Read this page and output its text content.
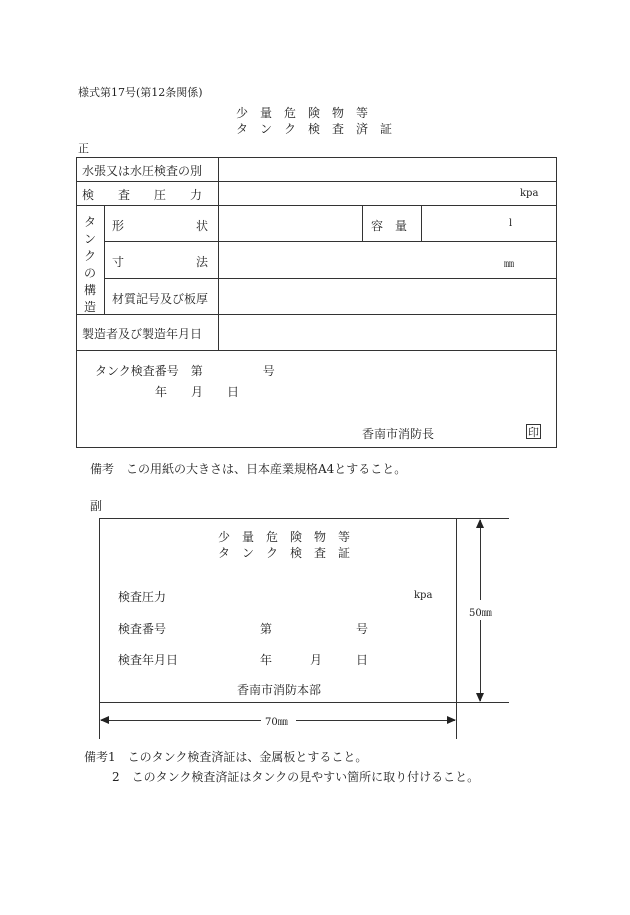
様式第17号(第12条関係)
少　量　危　険　物　等
タ　ン　ク　検　査　済　証
正
水張又は水圧検査の別
検　　査　　圧　　力	kpa
タ
ン
ク
の
構
造
形　　　　　　状	容　量	l
寸　　　　　　法	㎜
材質記号及び板厚
製造者及び製造年月日
タンク検査番号　第　　　　　号
年　　月　　日
香南市消防長	印
備考　この用紙の大きさは、日本産業規格A4とすること。
副
50㎜
70㎜
少　量　危　険　物　等
タ　ン　ク　検　査　証
検査圧力	kpa
検査番号	第	号
検査年月日	年	月	日
香南市消防本部
備考1　このタンク検査済証は、金属板とすること。
2　このタンク検査済証はタンクの見やすい箇所に取り付けること。
